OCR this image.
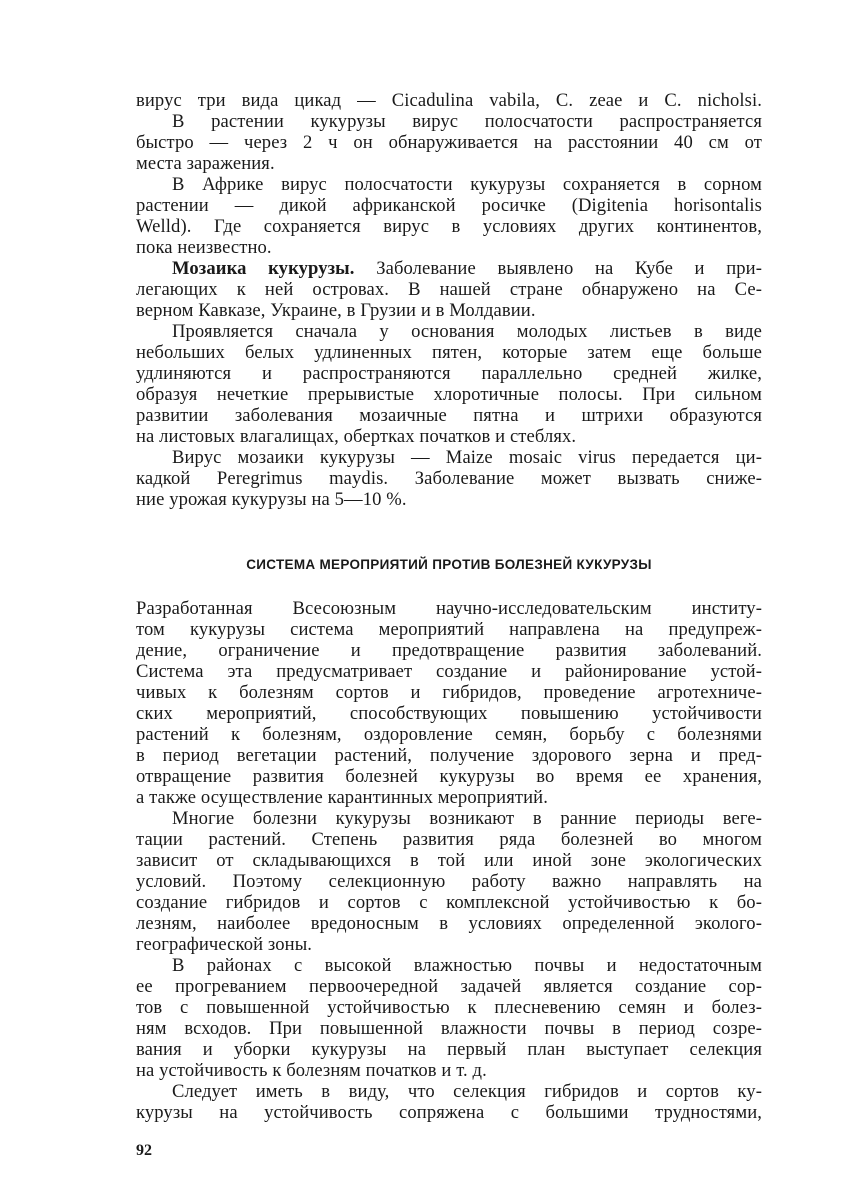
вирус три вида цикад — Cicadulina vabila, C. zeae и C. nicholsi.
В растении кукурузы вирус полосчатости распространяется
быстро — через 2 ч он обнаруживается на расстоянии 40 см от
места заражения.
В Африке вирус полосчатости кукурузы сохраняется в сорном
растении — дикой африканской росичке (Digitenia horisontalis
Welld). Где сохраняется вирус в условиях других континентов,
пока неизвестно.
Мозаика кукурузы. Заболевание выявлено на Кубе и при-
легающих к ней островах. В нашей стране обнаружено на Се-
верном Кавказе, Украине, в Грузии и в Молдавии.
Проявляется сначала у основания молодых листьев в виде
небольших белых удлиненных пятен, которые затем еще больше
удлиняются и распространяются параллельно средней жилке,
образуя нечеткие прерывистые хлоротичные полосы. При сильном
развитии заболевания мозаичные пятна и штрихи образуются
на листовых влагалищах, обертках початков и стеблях.
Вирус мозаики кукурузы — Maize mosaic virus передается ци-
кадкой Peregrimus maydis. Заболевание может вызвать сниже-
ние урожая кукурузы на 5—10 %.
СИСТЕМА МЕРОПРИЯТИЙ ПРОТИВ БОЛЕЗНЕЙ КУКУРУЗЫ
Разработанная Всесоюзным научно-исследовательским институ-
том кукурузы система мероприятий направлена на предупреж-
дение, ограничение и предотвращение развития заболеваний.
Система эта предусматривает создание и районирование устой-
чивых к болезням сортов и гибридов, проведение агротехниче-
ских мероприятий, способствующих повышению устойчивости
растений к болезням, оздоровление семян, борьбу с болезнями
в период вегетации растений, получение здорового зерна и пред-
отвращение развития болезней кукурузы во время ее хранения,
а также осуществление карантинных мероприятий.
Многие болезни кукурузы возникают в ранние периоды веге-
тации растений. Степень развития ряда болезней во многом
зависит от складывающихся в той или иной зоне экологических
условий. Поэтому селекционную работу важно направлять на
создание гибридов и сортов с комплексной устойчивостью к бо-
лезням, наиболее вредоносным в условиях определенной эколого-
географической зоны.
В районах с высокой влажностью почвы и недостаточным
ее прогреванием первоочередной задачей является создание сор-
тов с повышенной устойчивостью к плесневению семян и болез-
ням всходов. При повышенной влажности почвы в период созре-
вания и уборки кукурузы на первый план выступает селекция
на устойчивость к болезням початков и т. д.
Следует иметь в виду, что селекция гибридов и сортов ку-
курузы на устойчивость сопряжена с большими трудностями,
92
